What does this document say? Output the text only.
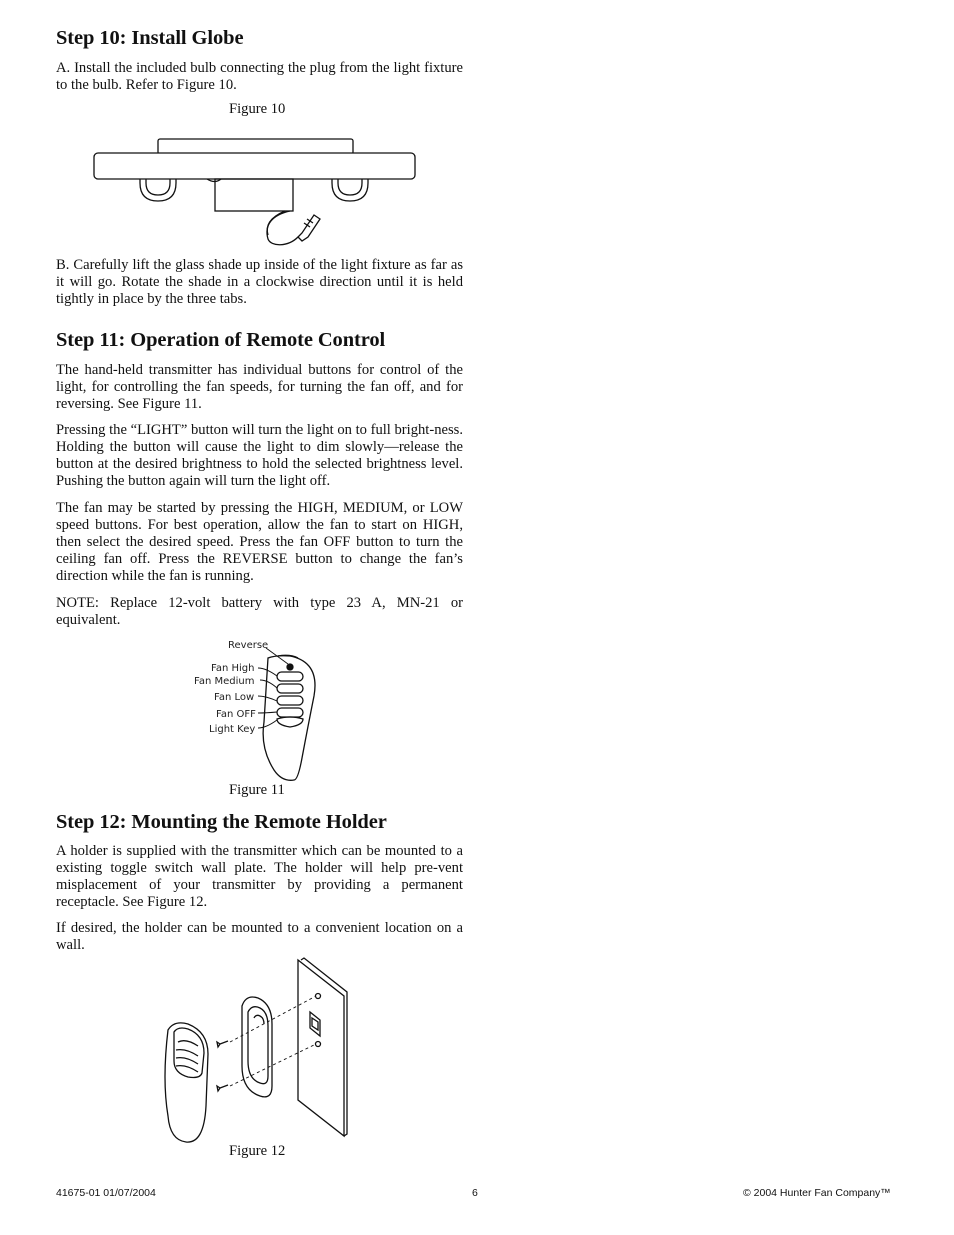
Step 10: Install Globe

A. Install the included bulb connecting the plug from the light fixture to the bulb. Refer to Figure 10.

Figure 10

B. Carefully lift the glass shade up inside of the light fixture as far as it will go. Rotate the shade in a clockwise direction until it is held tightly in place by the three tabs.

Step 11: Operation of Remote Control

The hand-held transmitter has individual buttons for control of the light, for controlling the fan speeds, for turning the fan off, and for reversing. See Figure 11.

Pressing the “LIGHT” button will turn the light on to full bright-ness. Holding the button will cause the light to dim slowly—release the button at the desired brightness to hold the selected brightness level. Pushing the button again will turn the light off.

The fan may be started by pressing the HIGH, MEDIUM, or LOW speed buttons. For best operation, allow the fan to start on HIGH, then select the desired speed. Press the fan OFF button to turn the ceiling fan off. Press the REVERSE button to change the fan’s direction while the fan is running.

NOTE: Replace 12-volt battery with type 23 A, MN-21 or equivalent.

Reverse
Fan High
Fan Medium
Fan Low
Fan OFF
Light Key
Figure 11
Step 12: Mounting the Remote Holder

A holder is supplied with the transmitter which can be mounted to a existing toggle switch wall plate. The holder will help pre-vent misplacement of your transmitter by providing a permanent receptacle. See Figure 12.

If desired, the holder can be mounted to a convenient location on a wall.

Figure 12
41675-01 01/07/2004	6	© 2004 Hunter Fan Company™
